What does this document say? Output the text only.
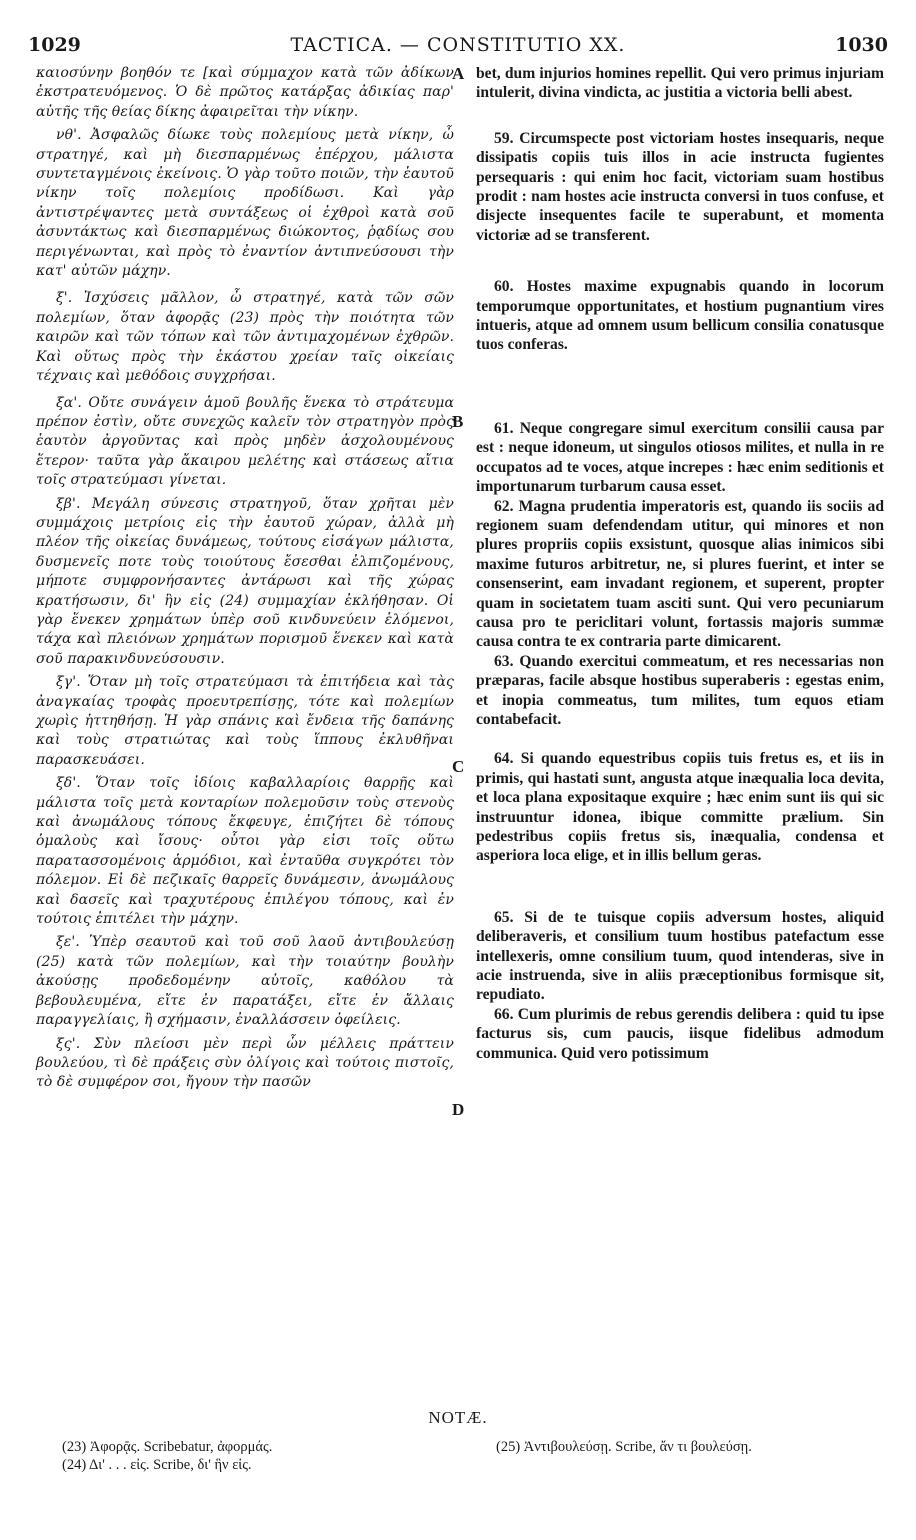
1029	TACTICA. — CONSTITUTIO XX.	1030

καιοσύνην βοηθόν τε [καὶ σύμμαχον κατὰ τῶν ἀδίκων ἐκστρατευόμενος. Ὁ δὲ πρῶτος κατάρξας ἀδικίας παρ' αὐτῆς τῆς θείας δίκης ἀφαιρεῖται τὴν νίκην.

νθ'. Ἀσφαλῶς δίωκε τοὺς πολεμίους μετὰ νίκην, ὦ στρατηγέ, καὶ μὴ διεσπαρμένως ἐπέρχου, μάλιστα συντεταγμένοις ἐκείνοις. Ὁ γὰρ τοῦτο ποιῶν, τὴν ἑαυτοῦ νίκην τοῖς πολεμίοις προδίδωσι. Καὶ γὰρ ἀντιστρέψαντες μετὰ συντάξεως οἱ ἐχθροὶ κατὰ σοῦ ἀσυντάκτως καὶ διεσπαρμένως διώκοντος, ῥᾳδίως σου περιγένωνται, καὶ πρὸς τὸ ἐναντίον ἀντιπνεύσουσι τὴν κατ' αὐτῶν μάχην.

ξ'. Ἰσχύσεις μᾶλλον, ὦ στρατηγέ, κατὰ τῶν σῶν πολεμίων, ὅταν ἀφορᾷς (23) πρὸς τὴν ποιότητα τῶν καιρῶν καὶ τῶν τόπων καὶ τῶν ἀντιμαχομένων ἐχθρῶν. Καὶ οὕτως πρὸς τὴν ἑκάστου χρείαν ταῖς οἰκείαις τέχναις καὶ μεθόδοις συγχρήσαι.

ξα'. Οὔτε συνάγειν ἁμοῦ βουλῆς ἕνεκα τὸ στράτευμα πρέπον ἐστὶν, οὔτε συνεχῶς καλεῖν τὸν στρατηγὸν πρὸς ἑαυτὸν ἀργοῦντας καὶ πρὸς μηδὲν ἀσχολουμένους ἕτερον· ταῦτα γὰρ ἄκαιρου μελέτης καὶ στάσεως αἴτια τοῖς στρατεύμασι γίνεται.

ξβ'. Μεγάλη σύνεσις στρατηγοῦ, ὅταν χρῆται μὲν συμμάχοις μετρίοις εἰς τὴν ἑαυτοῦ χώραν, ἀλλὰ μὴ πλέον τῆς οἰκείας δυνάμεως, τούτους εἰσάγων μάλιστα, δυσμενεῖς ποτε τοὺς τοιούτους ἔσεσθαι ἐλπιζομένους, μήποτε συμφρονήσαντες ἀντάρωσι καὶ τῆς χώρας κρατήσωσιν, δι' ἣν εἰς (24) συμμαχίαν ἐκλήθησαν. Οἱ γὰρ ἕνεκεν χρημάτων ὑπὲρ σοῦ κινδυνεύειν ἑλόμενοι, τάχα καὶ πλειόνων χρημάτων πορισμοῦ ἕνεκεν καὶ κατὰ σοῦ παρακινδυνεύσουσιν.

ξγ'. Ὅταν μὴ τοῖς στρατεύμασι τὰ ἐπιτήδεια καὶ τὰς ἀναγκαίας τροφὰς προευτρεπίσῃς, τότε καὶ πολεμίων χωρὶς ἡττηθήσῃ. Ἡ γὰρ σπάνις καὶ ἔνδεια τῆς δαπάνης καὶ τοὺς στρατιώτας καὶ τοὺς ἵππους ἐκλυθῆναι παρασκευάσει.

ξδ'. Ὅταν τοῖς ἰδίοις καβαλλαρίοις θαρρῇς καὶ μάλιστα τοῖς μετὰ κονταρίων πολεμοῦσιν τοὺς στενοὺς καὶ ἀνωμάλους τόπους ἔκφευγε, ἐπιζήτει δὲ τόπους ὁμαλοὺς καὶ ἴσους· οὗτοι γὰρ εἰσι τοῖς οὕτω παρατασσομένοις ἁρμόδιοι, καὶ ἐνταῦθα συγκρότει τὸν πόλεμον. Εἰ δὲ πεζικαῖς θαρρεῖς δυνάμεσιν, ἀνωμάλους καὶ δασεῖς καὶ τραχυτέρους ἐπιλέγου τόπους, καὶ ἐν τούτοις ἐπιτέλει τὴν μάχην.

ξε'. Ὑπὲρ σεαυτοῦ καὶ τοῦ σοῦ λαοῦ ἀντιβουλεύσῃ (25) κατὰ τῶν πολεμίων, καὶ τὴν τοιαύτην βουλὴν ἀκούσῃς προδεδομένην αὐτοῖς, καθόλου τὰ βεβουλευμένα, εἴτε ἐν παρατάξει, εἴτε ἐν ἄλλαις παραγγελίαις, ἢ σχήμασιν, ἐναλλάσσειν ὀφείλεις.

ξς'. Σὺν πλείοσι μὲν περὶ ὧν μέλλεις πράττειν βουλεύου, τὶ δὲ πράξεις σὺν ὀλίγοις καὶ τούτοις πιστοῖς, τὸ δὲ συμφέρον σοι, ἤγουν τὴν πασῶν

A
B
C
D

bet, dum injurios homines repellit. Qui vero primus injuriam intulerit, divina vindicta, ac justitia a victoria belli abest.

59. Circumspecte post victoriam hostes insequaris, neque dissipatis copiis tuis illos in acie instructa fugientes persequaris : qui enim hoc facit, victoriam suam hostibus prodit : nam hostes acie instructa conversi in tuos confuse, et disjecte insequentes facile te superabunt, et momenta victoriæ ad se transferent.

60. Hostes maxime expugnabis quando in locorum temporumque opportunitates, et hostium pugnantium vires intueris, atque ad omnem usum bellicum consilia conatusque tuos conferas.

61. Neque congregare simul exercitum consilii causa par est : neque idoneum, ut singulos otiosos milites, et nulla in re occupatos ad te voces, atque increpes : hæc enim seditionis et importunarum turbarum causa esset.

62. Magna prudentia imperatoris est, quando iis sociis ad regionem suam defendendam utitur, qui minores et non plures propriis copiis exsistunt, quosque alias inimicos sibi maxime futuros arbitretur, ne, si plures fuerint, et inter se consenserint, eam invadant regionem, et superent, propter quam in societatem tuam asciti sunt. Qui vero pecuniarum causa pro te periclitari volunt, fortassis majoris summæ causa contra te ex contraria parte dimicarent.

63. Quando exercitui commeatum, et res necessarias non præparas, facile absque hostibus superaberis : egestas enim, et inopia commeatus, tum milites, tum equos etiam contabefacit.

64. Si quando equestribus copiis tuis fretus es, et iis in primis, qui hastati sunt, angusta atque inæqualia loca devita, et loca plana expositaque exquire ; hæc enim sunt iis qui sic instruuntur idonea, ibique committe prælium. Sin pedestribus copiis fretus sis, inæqualia, condensa et asperiora loca elige, et in illis bellum geras.

65. Si de te tuisque copiis adversum hostes, aliquid deliberaveris, et consilium tuum hostibus patefactum esse intellexeris, omne consilium tuum, quod intenderas, sive in acie instruenda, sive in aliis præceptionibus formisque sit, repudiato.

66. Cum plurimis de rebus gerendis delibera : quid tu ipse facturus sis, cum paucis, iisque fidelibus admodum communica. Quid vero potissimum

NOTÆ.
(23) Ἀφορᾷς. Scribebatur, ἀφορμάς.
(24) Δι' . . . εἰς. Scribe, δι' ἣν εἰς.
(25) Ἀντιβουλεύσῃ. Scribe, ἄν τι βουλεύσῃ.
